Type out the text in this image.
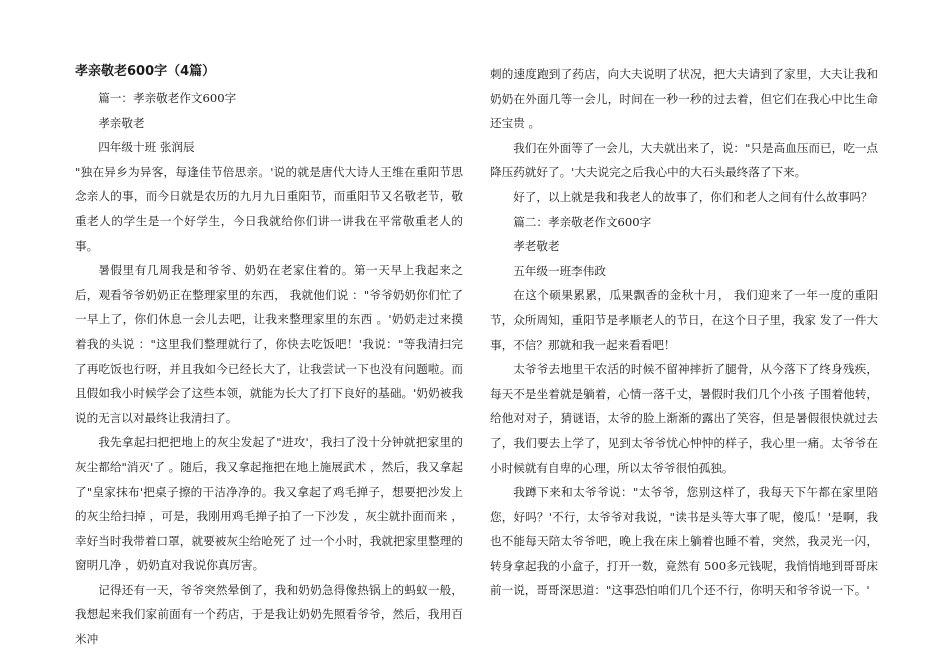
孝亲敬老600字（4篇）

篇一：孝亲敬老作文600字

孝亲敬老

四年级十班 张润辰

"独在异乡为异客，每逢佳节倍思亲。'说的就是唐代大诗人王维在重阳节思念亲人的事，而今日就是农历的九月九日重阳节，而重阳节又名敬老节，敬重老人的学生是一个好学生，今日我就给你们讲一讲我在平常敬重老人的事。

暑假里有几周我是和爷爷、奶奶在老家住着的。第一天早上我起来之后，观看爷爷奶奶正在整理家里的东西， 我就他们说 ："爷爷奶奶你们忙了一早上了，你们休息一会儿去吧，让我来整理家里的东西 。'奶奶走过来摸着我的头说 ："这里我们整理就行了，你快去吃饭吧！'我说："等我清扫完了再吃饭也行呀，并且我如今已经长大了，让我尝试一下也没有问题啦。而且假如我小时候学会了这些本领，就能为长大了打下良好的基础。'奶奶被我说的无言以对最终让我清扫了。

我先拿起扫把把地上的灰尘发起了"进攻'，我扫了没十分钟就把家里的灰尘都给"消灭'了 。随后，我又拿起拖把在地上施展武术 ，然后，我又拿起了"皇家抹布'把桌子擦的干洁净净的。我又拿起了鸡毛掸子，想要把沙发上的灰尘给扫掉 ，可是，我刚用鸡毛掸子拍了一下沙发 ，灰尘就扑面而来 ，幸好当时我带着口罩，就要被灰尘给呛死了 过一个小时，我就把家里整理的窗明几净 ，奶奶直对我说你真厉害。

记得还有一天，爷爷突然晕倒了，我和奶奶急得像热锅上的蚂蚁一般，我想起来我们家前面有一个药店，于是我让奶奶先照看爷爷，然后，我用百米冲

刺的速度跑到了药店，向大夫说明了状况，把大夫请到了家里，大夫让我和奶奶在外面几等一会儿，时间在一秒一秒的过去着，但它们在我心中比生命还宝贵 。

我们在外面等了一会儿，大夫就出来了，说："只是高血压而已，吃一点降压药就好了。'大夫说完之后我心中的大石头最终落了下来。

好了，以上就是我和我老人的故事了，你们和老人之间有什么故事吗？

篇二：孝亲敬老作文600字

孝老敬老

五年级一班李伟政

在这个硕果累累，瓜果飘香的金秋十月， 我们迎来了一年一度的重阳节，众所周知，重阳节是孝顺老人的节日，在这个日子里，我家 发了一件大事，不信？那就和我一起来看看吧！

太爷爷去地里干农活的时候不留神摔折了腿骨，从今落下了终身残疾，每天不是坐着就是躺着，心情一落千丈，暑假时我们几个小孩 子围着他转，给他对对子，猜谜语，太爷的脸上渐渐的露出了笑容，但是暑假很快就过去了，我们要去上学了，见到太爷爷忧心忡忡的样子，我心里一痛。太爷爷在小时候就有自卑的心理，所以太爷爷很怕孤独。

我蹲下来和太爷爷说："太爷爷，您别这样了，我每天下午都在家里陪您，好吗？'不行，太爷爷对我说，"读书是头等大事了呢，傻瓜！'是啊，我也不能每天陪太爷爷吧，晚上我在床上躺着也睡不着，突然，我灵光一闪，转身拿起我的小盒子，打开一数，竟然有 500多元钱呢，我悄悄地到哥哥床前一说，哥哥深思道："这事恐怕咱们几个还不行，你明天和爷爷说一下。'
